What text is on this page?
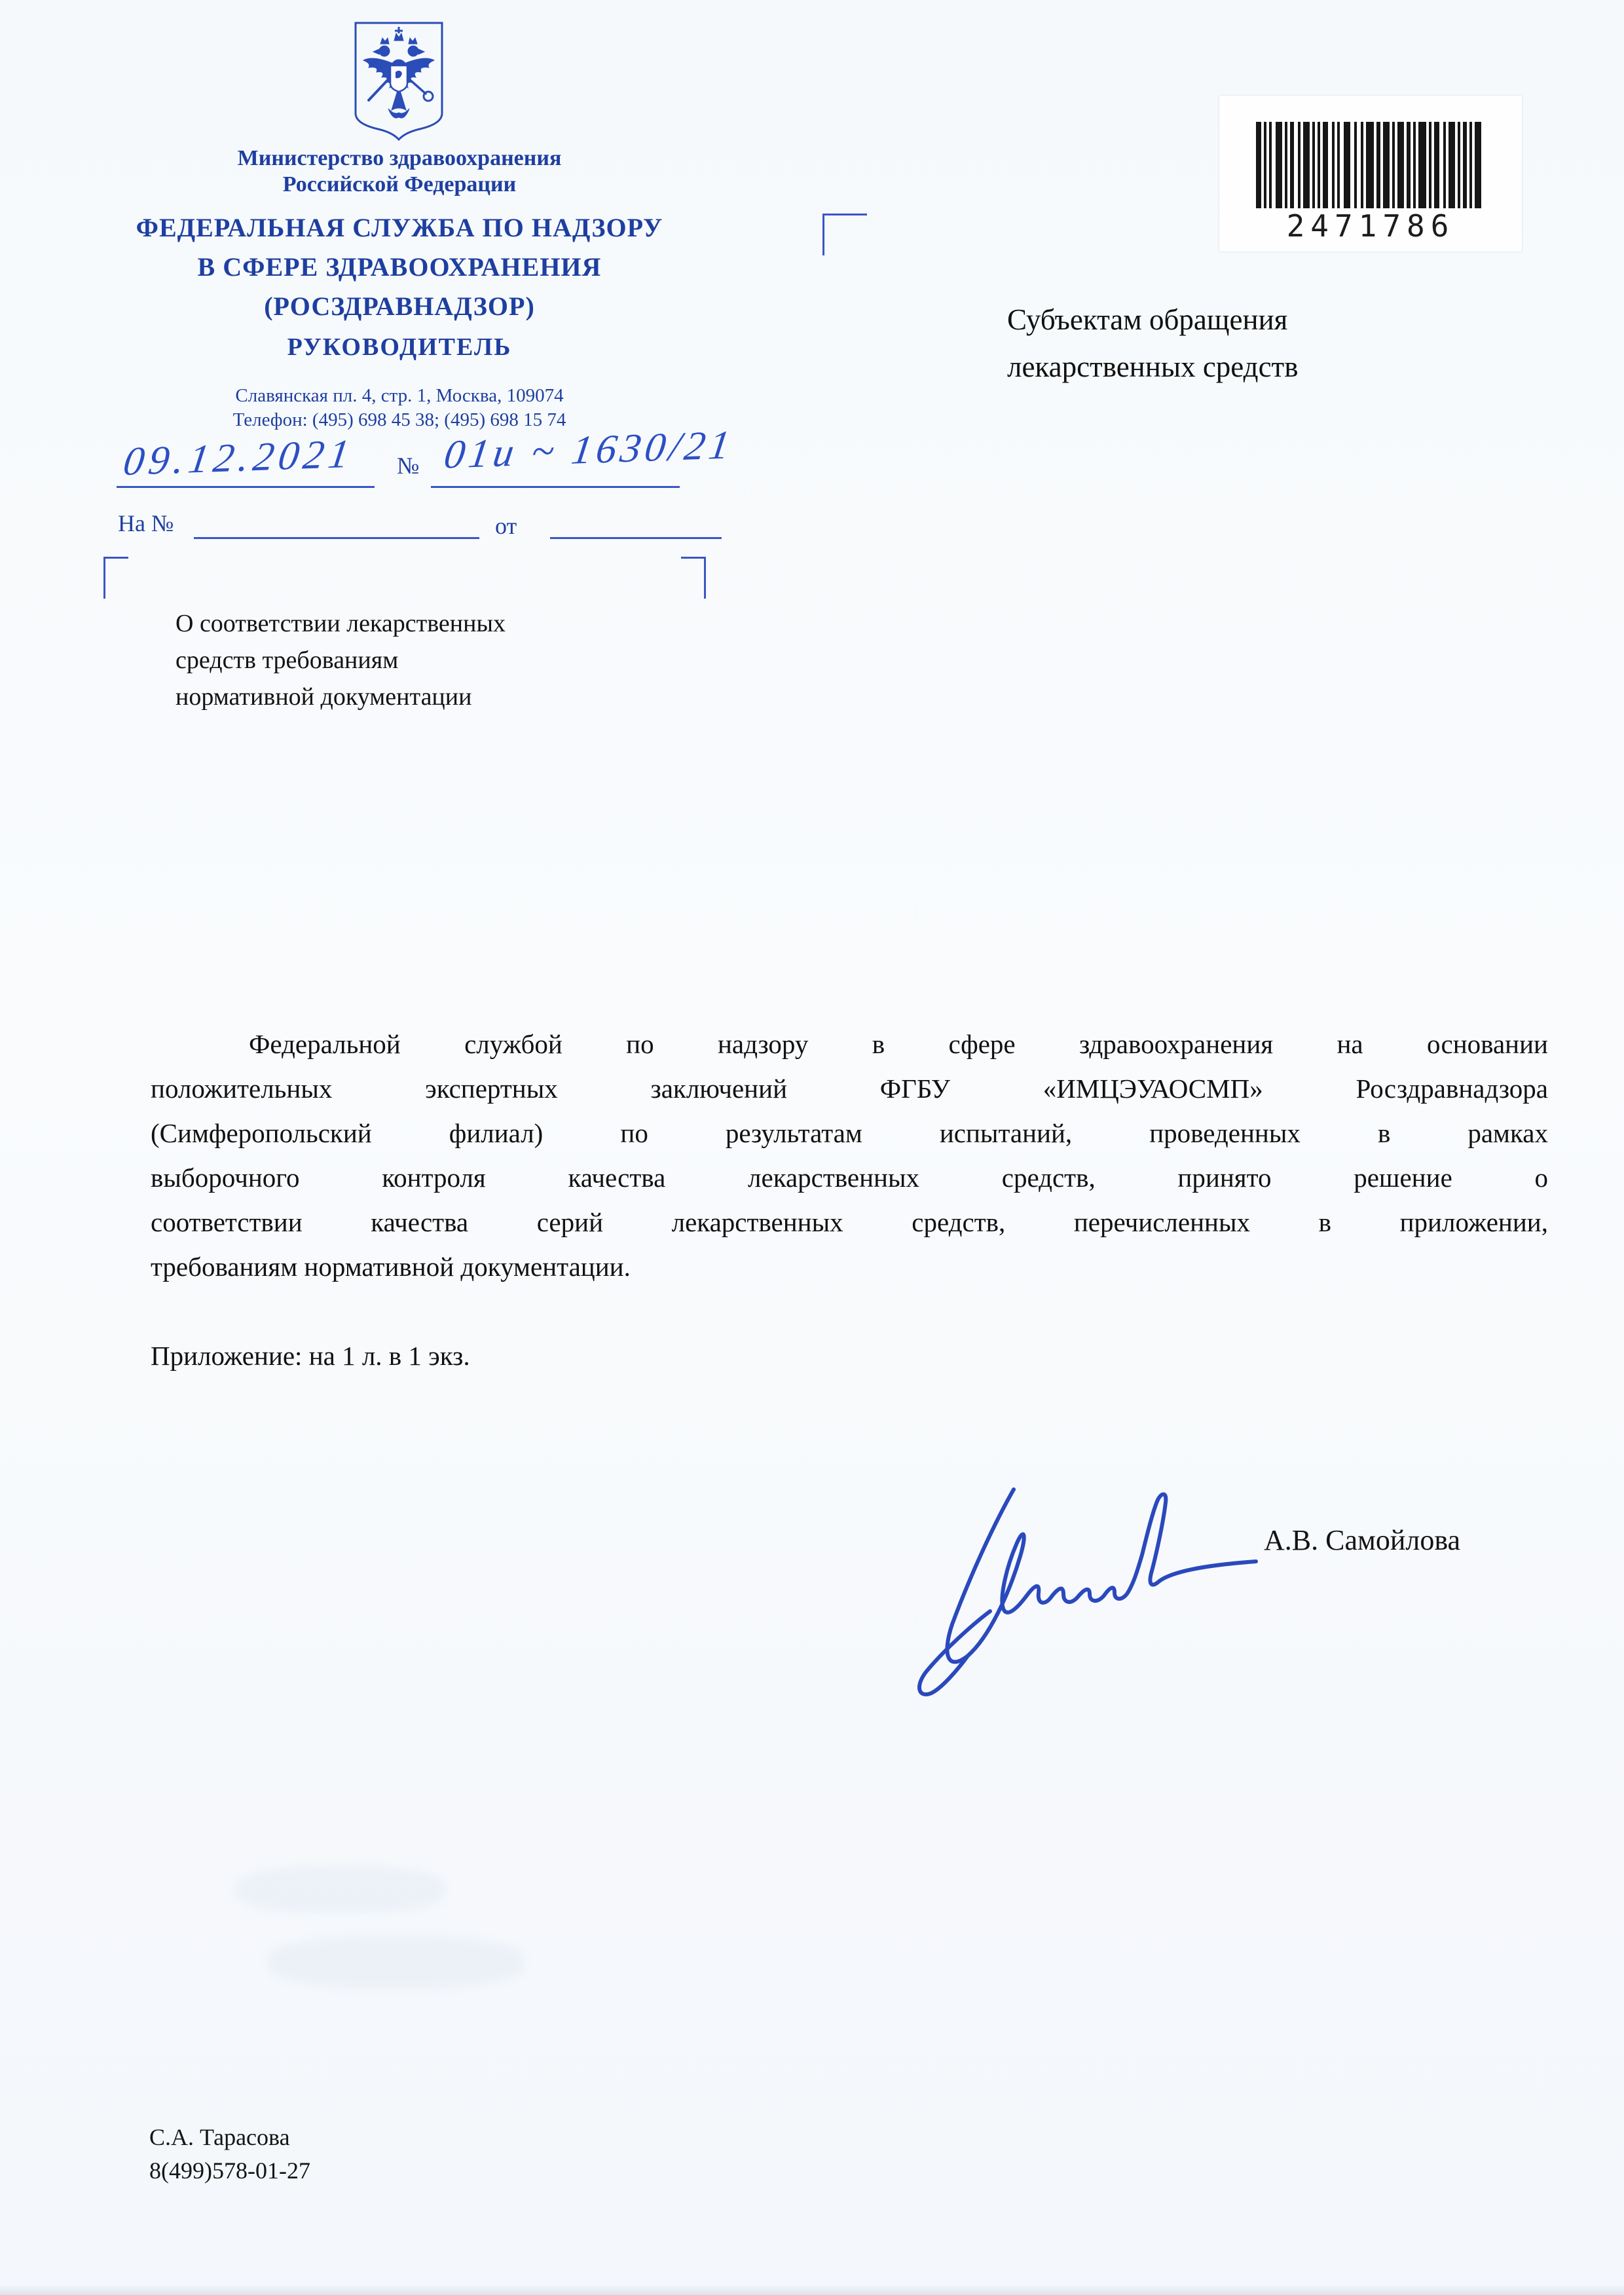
Министерство здравоохранения
Российской Федерации
ФЕДЕРАЛЬНАЯ СЛУЖБА ПО НАДЗОРУ
В СФЕРЕ ЗДРАВООХРАНЕНИЯ
(РОСЗДРАВНАДЗОР)
РУКОВОДИТЕЛЬ
Славянская пл. 4, стр. 1, Москва, 109074
Телефон: (495) 698 45 38; (495) 698 15 74
09.12.2021 № 01и ~ 1630/21
На №	от
2471786
Субъектам обращения
лекарственных средств
О соответствии лекарственных
средств требованиям
нормативной документации
Федеральной службой по надзору в сфере здравоохранения на основании
положительных экспертных заключений ФГБУ «ИМЦЭУАОСМП» Росздравнадзора
(Симферопольский филиал) по результатам испытаний, проведенных в рамках
выборочного контроля качества лекарственных средств, принято решение о
соответствии качества серий лекарственных средств, перечисленных в приложении,
требованиям нормативной документации.
Приложение: на 1 л. в 1 экз.
А.В. Самойлова
С.А. Тарасова
8(499)578-01-27
